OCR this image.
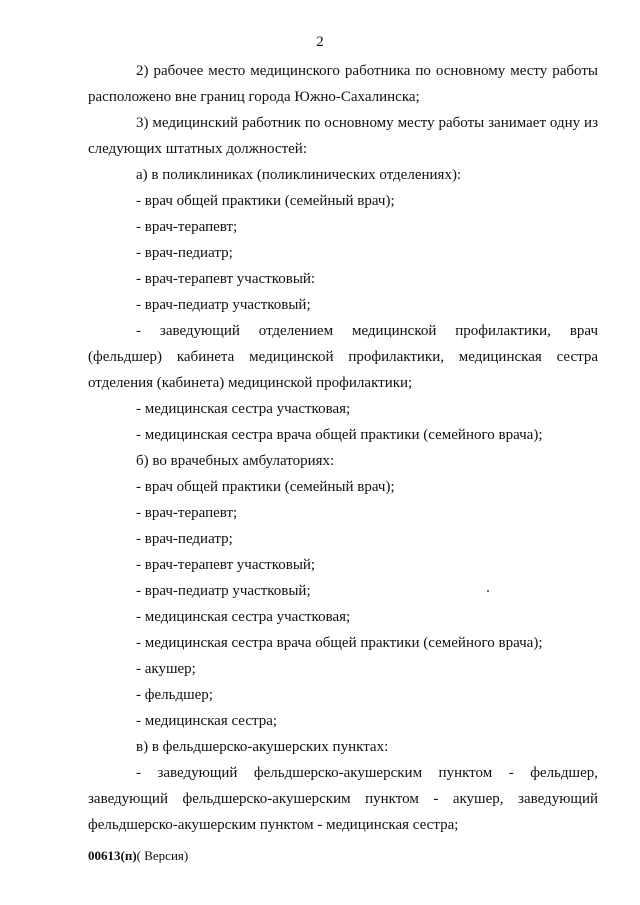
2

2) рабочее место медицинского работника по основному месту работы расположено вне границ города Южно-Сахалинска;

3) медицинский работник по основному месту работы занимает одну из следующих штатных должностей:

а) в поликлиниках (поликлинических отделениях):

- врач общей практики (семейный врач);

- врач-терапевт;

- врач-педиатр;

- врач-терапевт участковый:

- врач-педиатр участковый;

- заведующий отделением медицинской профилактики, врач (фельдшер) кабинета медицинской профилактики, медицинская сестра отделения (кабинета) медицинской профилактики;

- медицинская сестра участковая;

- медицинская сестра врача общей практики (семейного врача);

б) во врачебных амбулаториях:

- врач общей практики (семейный врач);

- врач-терапевт;

- врач-педиатр;

- врач-терапевт участковый;

- врач-педиатр участковый;

- медицинская сестра участковая;

- медицинская сестра врача общей практики (семейного врача);

- акушер;

- фельдшер;

- медицинская сестра;

в) в фельдшерско-акушерских пунктах:

- заведующий фельдшерско-акушерским пунктом - фельдшер, заведующий фельдшерско-акушерским пунктом - акушер, заведующий фельдшерско-акушерским пунктом - медицинская сестра;

00613(п)( Версия)
